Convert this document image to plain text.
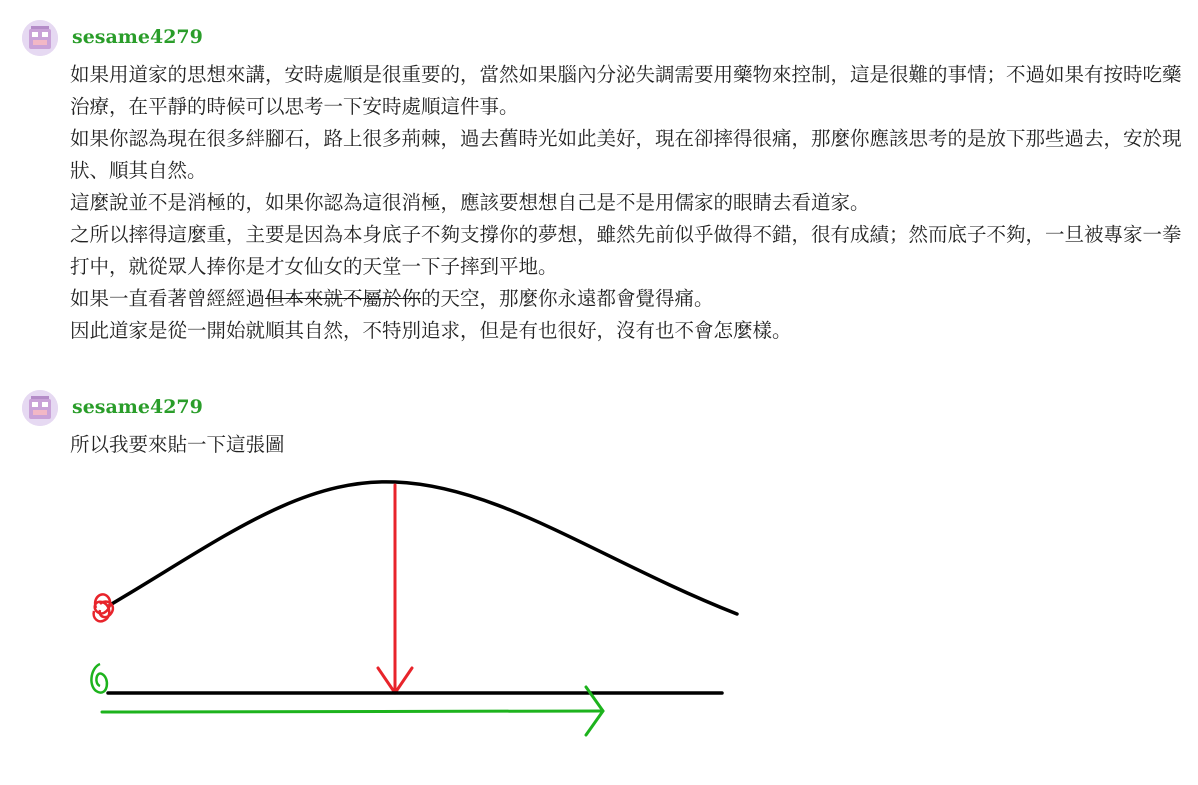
sesame4279

如果用道家的思想來講，安時處順是很重要的，當然如果腦內分泌失調需要用藥物來控制，這是很難的事情；不過如果有按時吃藥治療，在平靜的時候可以思考一下安時處順這件事。

如果你認為現在很多絆腳石，路上很多荊棘，過去舊時光如此美好，現在卻摔得很痛，那麼你應該思考的是放下那些過去，安於現狀、順其自然。

這麼說並不是消極的，如果你認為這很消極，應該要想想自己是不是用儒家的眼睛去看道家。

之所以摔得這麼重，主要是因為本身底子不夠支撐你的夢想，雖然先前似乎做得不錯，很有成績；然而底子不夠，一旦被專家一拳打中，就從眾人捧你是才女仙女的天堂一下子摔到平地。

如果一直看著曾經經過但本來就不屬於你的天空，那麼你永遠都會覺得痛。

因此道家是從一開始就順其自然，不特別追求，但是有也很好，沒有也不會怎麼樣。

sesame4279
所以我要來貼一下這張圖
